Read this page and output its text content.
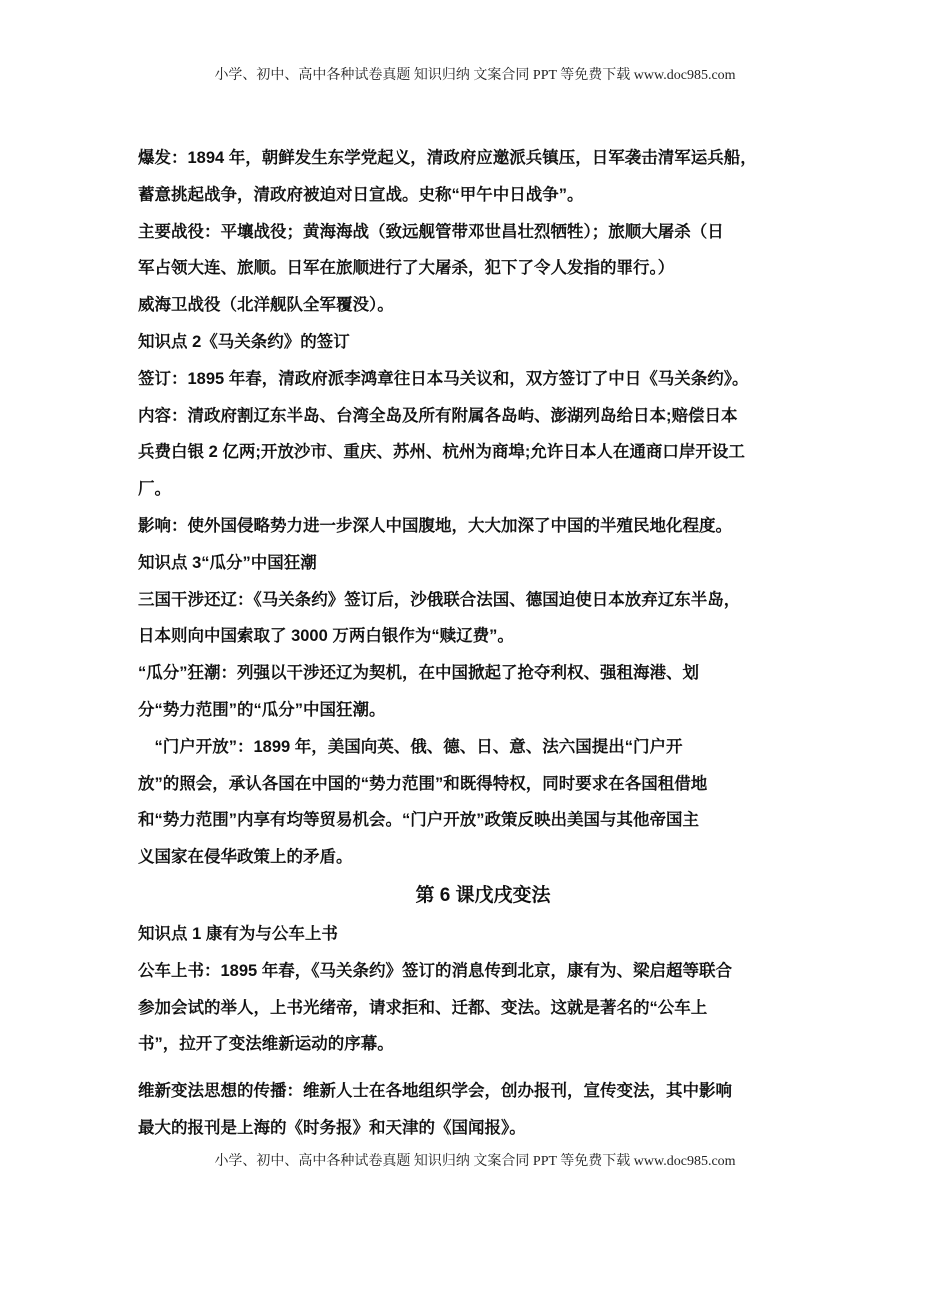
小学、初中、高中各种试卷真题 知识归纳 文案合同 PPT 等免费下载 www.doc985.com
爆发：1894 年，朝鲜发生东学党起义，清政府应邀派兵镇压，日军袭击清军运兵船，
蓄意挑起战争，清政府被迫对日宣战。史称“甲午中日战争”。
主要战役：平壤战役；黄海海战（致远舰管带邓世昌壮烈牺牲）；旅顺大屠杀（日
军占领大连、旅顺。日军在旅顺进行了大屠杀，犯下了令人发指的罪行。）
威海卫战役（北洋舰队全军覆没）。
知识点 2《马关条约》的签订
签订：1895 年春，清政府派李鸿章往日本马关议和，双方签订了中日《马关条约》。
内容：清政府割辽东半岛、台湾全岛及所有附属各岛屿、澎湖列岛给日本;赔偿日本
兵费白银 2 亿两;开放沙市、重庆、苏州、杭州为商埠;允许日本人在通商口岸开设工
厂。
影响：使外国侵略势力进一步深人中国腹地，大大加深了中国的半殖民地化程度。
知识点 3“瓜分”中国狂潮
三国干涉还辽：《马关条约》签订后，沙俄联合法国、德国迫使日本放弃辽东半岛，
日本则向中国索取了 3000 万两白银作为“赎辽费”。
“瓜分”狂潮：列强以干涉还辽为契机，在中国掀起了抢夺利权、强租海港、划
分“势力范围”的“瓜分”中国狂潮。
　“门户开放”：1899 年，美国向英、俄、德、日、意、法六国提出“门户开
放”的照会，承认各国在中国的“势力范围”和既得特权，同时要求在各国租借地
和“势力范围”内享有均等贸易机会。“门户开放”政策反映出美国与其他帝国主
义国家在侵华政策上的矛盾。
第 6 课戊戌变法
知识点 1 康有为与公车上书
公车上书：1895 年春，《马关条约》签订的消息传到北京，康有为、梁启超等联合
参加会试的举人，上书光绪帝，请求拒和、迁都、变法。这就是著名的“公车上
书”，拉开了变法维新运动的序幕。
维新变法思想的传播：维新人士在各地组织学会，创办报刊，宣传变法，其中影响
最大的报刊是上海的《时务报》和天津的《国闻报》。
小学、初中、高中各种试卷真题 知识归纳 文案合同 PPT 等免费下载 www.doc985.com
